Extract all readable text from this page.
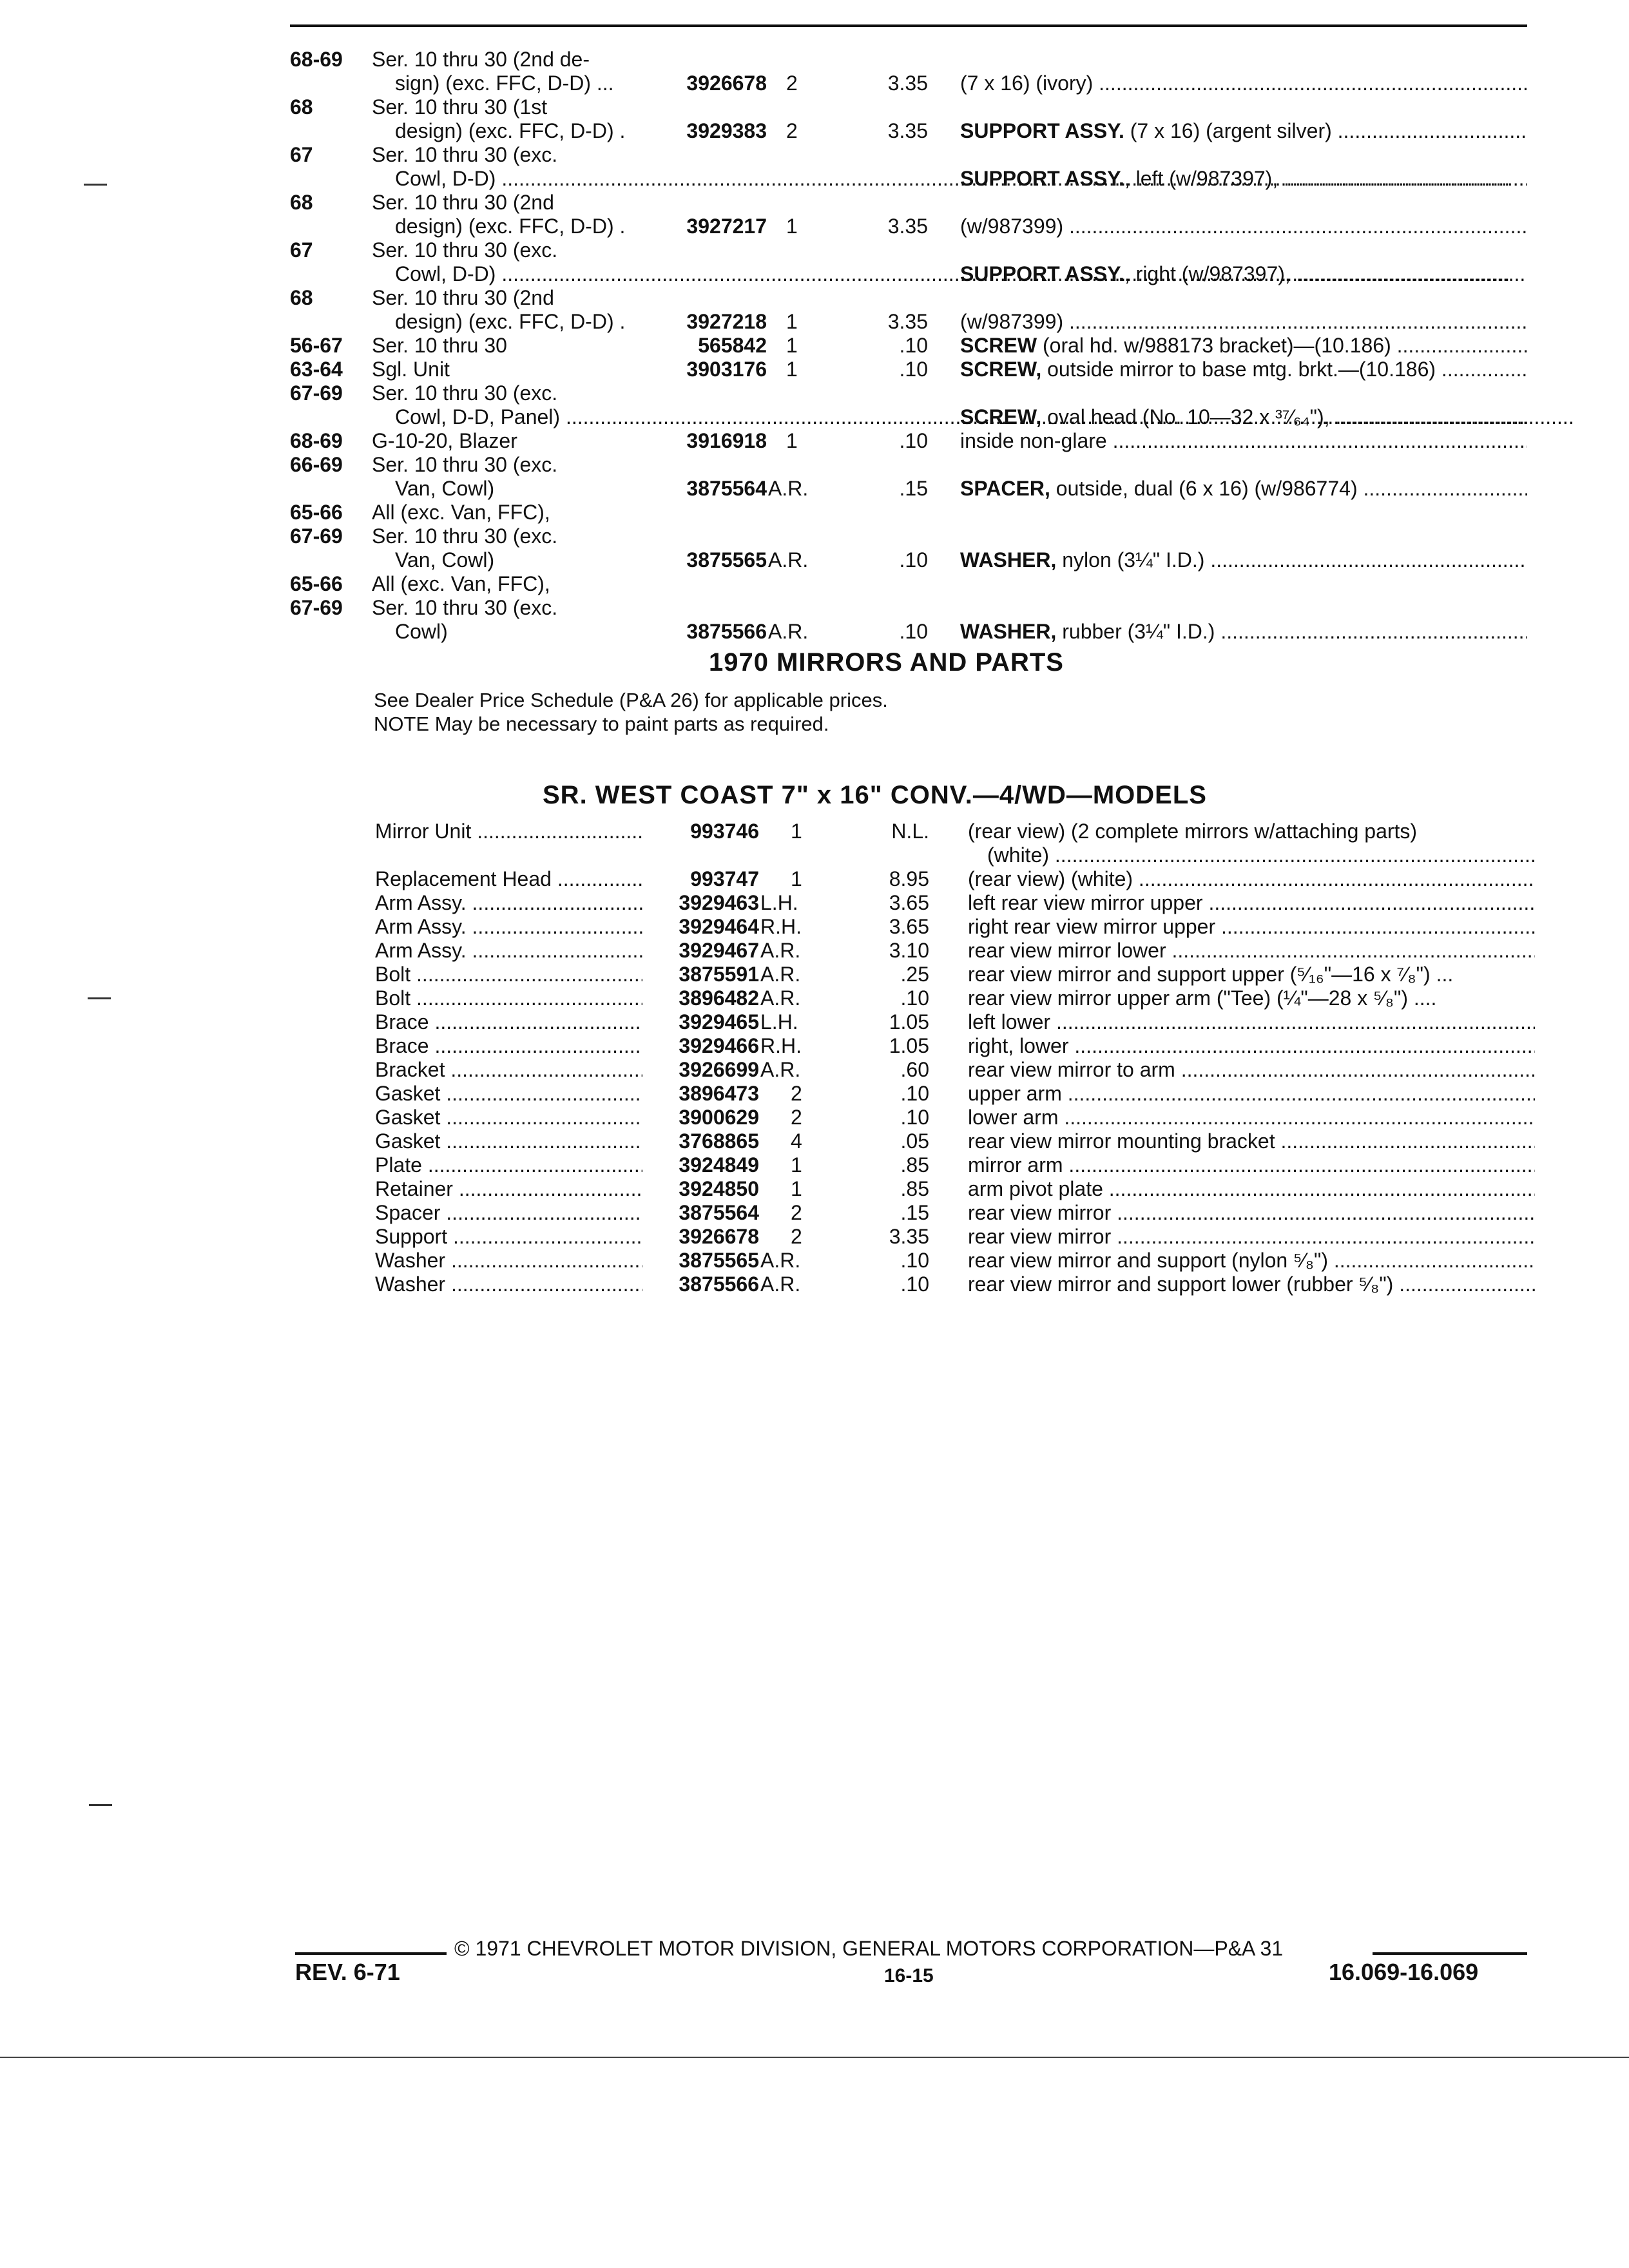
68-69	Ser. 10 thru 30 (2nd de-
sign) (exc. FFC, D-D) ...	3926678 2	3.35 (7 x 16) (ivory) .....
68	Ser. 10 thru 30 (1st
design) (exc. FFC, D-D) .	3929383 2	3.35 SUPPORT ASSY. (7 x 16) (argent silver) .....
67	Ser. 10 thru 30 (exc.
Cowl, D-D) .....	SUPPORT ASSY., left (w/987397), .....
68	Ser. 10 thru 30 (2nd
design) (exc. FFC, D-D) .	3927217 1	3.35 (w/987399) .....
67	Ser. 10 thru 30 (exc.
Cowl, D-D) .....	SUPPORT ASSY., right (w/987397), .....
68	Ser. 10 thru 30 (2nd
design) (exc. FFC, D-D) .	3927218 1	3.35 (w/987399) .....
56-67	Ser. 10 thru 30	565842 1	.10 SCREW (oral hd. w/988173 bracket)—(10.186) .....
63-64	Sgl. Unit	3903176 1	.10 SCREW, outside mirror to base mtg. brkt.—(10.186) .....
67-69	Ser. 10 thru 30 (exc.
Cowl, D-D, Panel) .....	SCREW, oval head (No. 10—32 x ³⁷⁄₆₄"), .....
68-69	G-10-20, Blazer	3916918 1	.10 inside non-glare .....
66-69	Ser. 10 thru 30 (exc.
Van, Cowl)	3875564 A.R.	.15 SPACER, outside, dual (6 x 16) (w/986774) .....
65-66	All (exc. Van, FFC),
67-69	Ser. 10 thru 30 (exc.
Van, Cowl)	3875565 A.R.	.10 WASHER, nylon (3¼" I.D.) .....
65-66	All (exc. Van, FFC),
67-69	Ser. 10 thru 30 (exc.
Cowl)	3875566 A.R.	.10 WASHER, rubber (3¼" I.D.) .....
1970 MIRRORS AND PARTS
See Dealer Price Schedule (P&A 26) for applicable prices.
NOTE May be necessary to paint parts as required.
SR. WEST COAST 7" x 16" CONV.—4/WD—MODELS
Mirror Unit .....	993746 1	N.L. (rear view) (2 complete mirrors w/attaching parts)
(white) .....
Replacement Head .....	993747 1	8.95 (rear view) (white) .....
Arm Assy. .....	3929463 L.H.	3.65 left rear view mirror upper .....
Arm Assy. .....	3929464 R.H.	3.65 right rear view mirror upper .....
Arm Assy. .....	3929467 A.R.	3.10 rear view mirror lower .....
Bolt .....	3875591 A.R.	.25 rear view mirror and support upper (⁵⁄₁₆"—16 x ⁷⁄₈") ...
Bolt .....	3896482 A.R.	.10 rear view mirror upper arm ("Tee) (¼"—28 x ⁵⁄₈") ....
Brace .....	3929465 L.H.	1.05 left lower .....
Brace .....	3929466 R.H.	1.05 right, lower .....
Bracket .....	3926699 A.R.	.60 rear view mirror to arm .....
Gasket .....	3896473 2	.10 upper arm .....
Gasket .....	3900629 2	.10 lower arm .....
Gasket .....	3768865 4	.05 rear view mirror mounting bracket .....
Plate .....	3924849 1	.85 mirror arm .....
Retainer .....	3924850 1	.85 arm pivot plate .....
Spacer .....	3875564 2	.15 rear view mirror .....
Support .....	3926678 2	3.35 rear view mirror .....
Washer .....	3875565 A.R.	.10 rear view mirror and support (nylon ⁵⁄₈") .....
Washer .....	3875566 A.R.	.10 rear view mirror and support lower (rubber ⁵⁄₈") .....
© 1971 CHEVROLET MOTOR DIVISION, GENERAL MOTORS CORPORATION—P&A 31
REV. 6-71	16-15	16.069-16.069
